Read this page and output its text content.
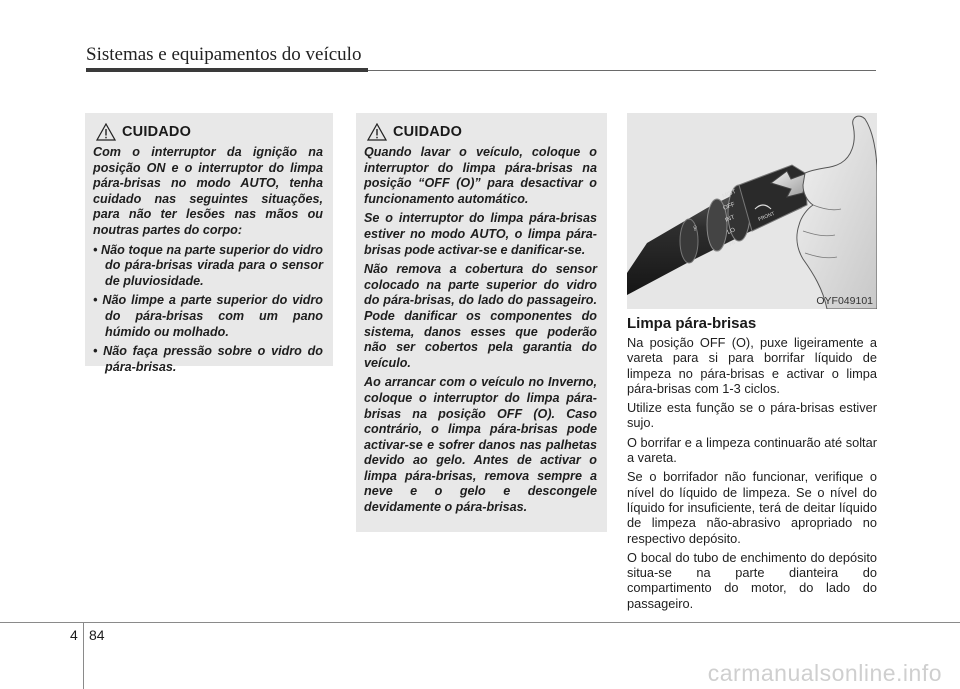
Sistemas e equipamentos do veículo
CUIDADO

Com o interruptor da ignição na posição ON e o interruptor do limpa pára-brisas no modo AUTO, tenha cuidado nas seguintes situações, para não ter lesões nas mãos ou noutras partes do corpo:

• Não toque na parte superior do vidro do pára-brisas virada para o sensor de pluviosidade.
• Não limpe a parte superior do vidro do pára-brisas com um pano húmido ou molhado.
• Não faça pressão sobre o vidro do pára-brisas.
CUIDADO

Quando lavar o veículo, coloque o interruptor do limpa pára-brisas na posição “OFF (O)” para desactivar o funcionamento automático.

Se o interruptor do limpa pára-brisas estiver no modo AUTO, o limpa pára-brisas pode activar-se e danificar-se.

Não remova a cobertura do sensor colocado na parte superior do vidro do pára-brisas, do lado do passageiro. Pode danificar os componentes do sistema, danos esses que poderão não ser cobertos pela garantia do veículo.

Ao arrancar com o veículo no Inverno, coloque o interruptor do limpa pára-brisas na posição OFF (O). Caso contrário, o limpa pára-brisas pode activar-se e sofrer danos nas palhetas devido ao gelo. Antes de activar o limpa pára-brisas, remova sempre a neve e o gelo e descongele devidamente o pára-brisas.

MIST
OFF
INT
LO
HI
Ÿ
FRONT
OYF049101
Limpa pára-brisas

Na posição OFF (O), puxe ligeiramente a vareta para si para borrifar líquido de limpeza no pára-brisas e activar o limpa pára-brisas com 1-3 ciclos.

Utilize esta função se o pára-brisas estiver sujo.

O borrifar e a limpeza continuarão até soltar a vareta.

Se o borrifador não funcionar, verifique o nível do líquido de limpeza. Se o nível do líquido for insuficiente, terá de deitar líquido de limpeza não-abrasivo apropriado no respectivo depósito.

O bocal do tubo de enchimento do depósito situa-se na parte dianteira do compartimento do motor, do lado do passageiro.

4 84
carmanualsonline.info
